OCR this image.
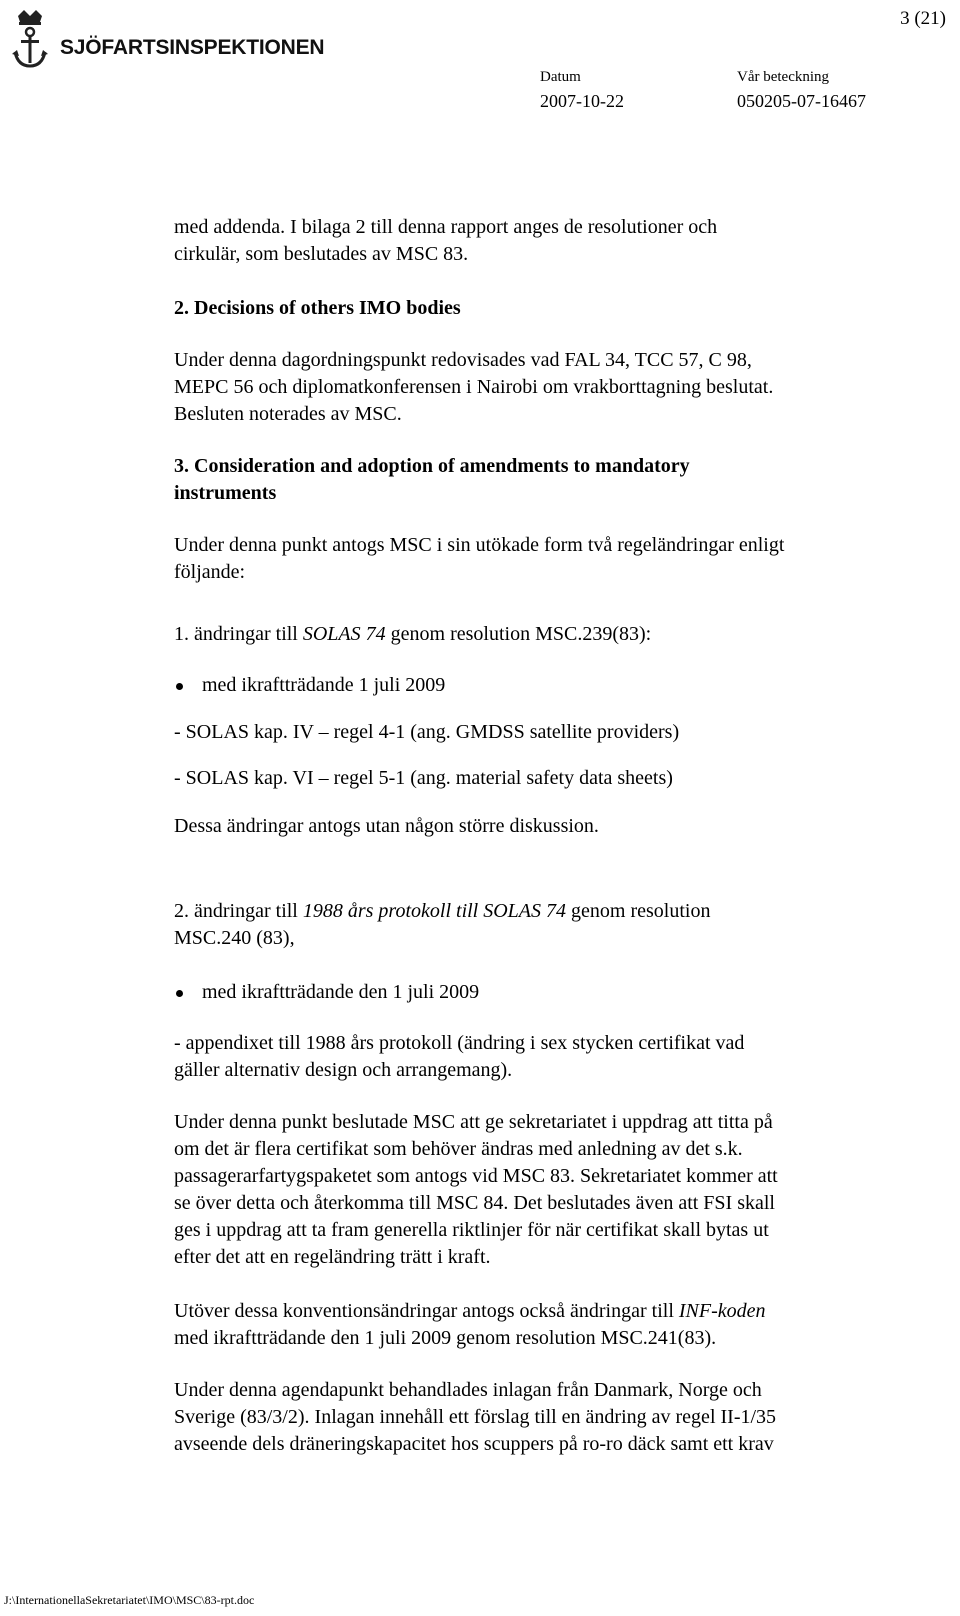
SJÖFARTSINSPEKTIONEN
3 (21)
Datum
2007-10-22
Vår beteckning
050205-07-16467
med addenda. I bilaga 2 till denna rapport anges de resolutioner och
cirkulär, som beslutades av MSC 83.
2. Decisions of others IMO bodies
Under denna dagordningspunkt redovisades vad FAL 34, TCC 57, C 98,
MEPC 56 och diplomatkonferensen i Nairobi om vrakborttagning beslutat.
Besluten noterades av MSC.
3. Consideration and adoption of amendments to mandatory
instruments
Under denna punkt antogs MSC i sin utökade form två regeländringar enligt
följande:
1. ändringar till SOLAS 74 genom resolution MSC.239(83):
med ikraftträdande 1 juli 2009
- SOLAS kap. IV – regel 4-1 (ang. GMDSS satellite providers)
- SOLAS kap. VI – regel 5-1 (ang. material safety data sheets)
Dessa ändringar antogs utan någon större diskussion.
2. ändringar till 1988 års protokoll till SOLAS 74 genom resolution
MSC.240 (83),
med ikraftträdande den 1 juli 2009
- appendixet till 1988 års protokoll (ändring i sex stycken certifikat vad
gäller alternativ design och arrangemang).
Under denna punkt beslutade MSC att ge sekretariatet i uppdrag att titta på
om det är flera certifikat som behöver ändras med anledning av det s.k.
passagerarfartygspaketet som antogs vid MSC 83. Sekretariatet kommer att
se över detta och återkomma till MSC 84. Det beslutades även att FSI skall
ges i uppdrag att ta fram generella riktlinjer för när certifikat skall bytas ut
efter det att en regeländring trätt i kraft.
Utöver dessa konventionsändringar antogs också ändringar till INF-koden
med ikraftträdande den 1 juli 2009 genom resolution MSC.241(83).
Under denna agendapunkt behandlades inlagan från Danmark, Norge och
Sverige (83/3/2). Inlagan innehåll ett förslag till en ändring av regel II-1/35
avseende dels dräneringskapacitet hos scuppers på ro-ro däck samt ett krav
J:\InternationellaSekretariatet\IMO\MSC\83-rpt.doc
